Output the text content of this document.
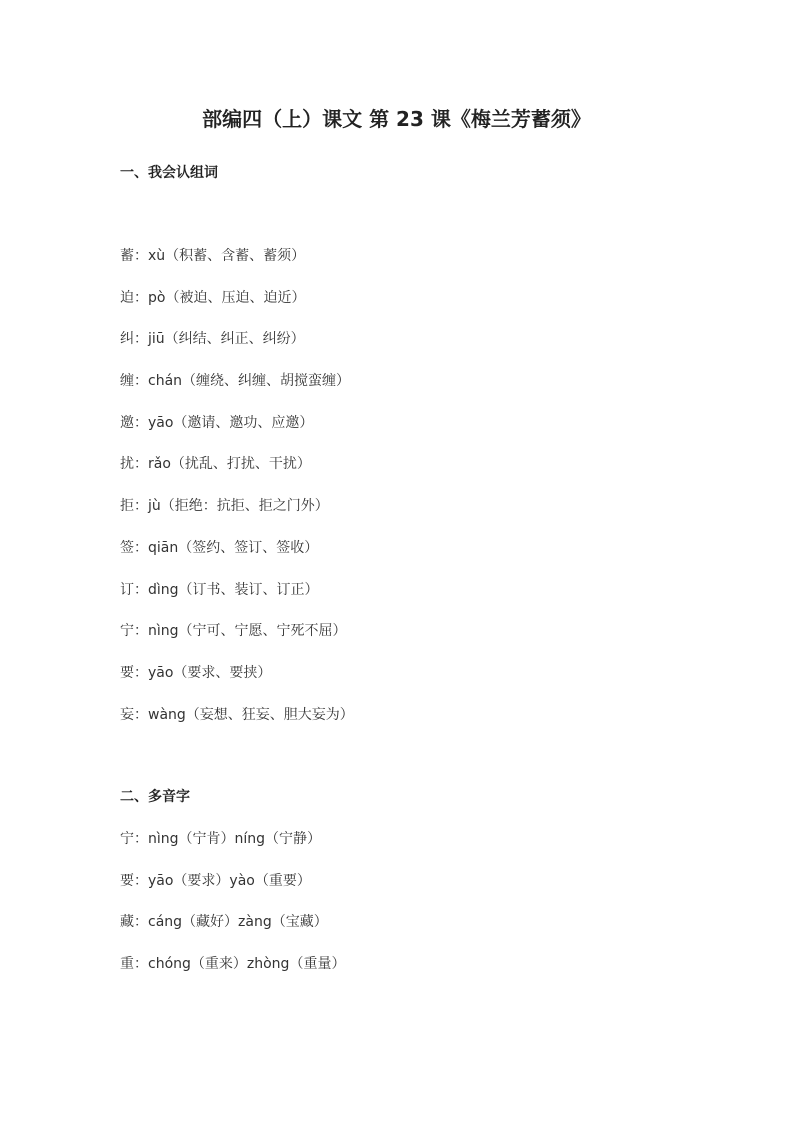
部编四（上）课文 第 23 课《梅兰芳蓄须》
一、我会认组词
蓄：xù（积蓄、含蓄、蓄须）
迫：pò（被迫、压迫、迫近）
纠：jiū（纠结、纠正、纠纷）
缠：chán（缠绕、纠缠、胡搅蛮缠）
邀：yāo（邀请、邀功、应邀）
扰：rǎo（扰乱、打扰、干扰）
拒：jù（拒绝：抗拒、拒之门外）
签：qiān（签约、签订、签收）
订：dìng（订书、装订、订正）
宁：nìng（宁可、宁愿、宁死不屈）
要：yāo（要求、要挟）
妄：wàng（妄想、狂妄、胆大妄为）
二、多音字
宁：nìng（宁肯）níng（宁静）
要：yāo（要求）yào（重要）
藏：cáng（藏好）zàng（宝藏）
重：chóng（重来）zhòng（重量）
